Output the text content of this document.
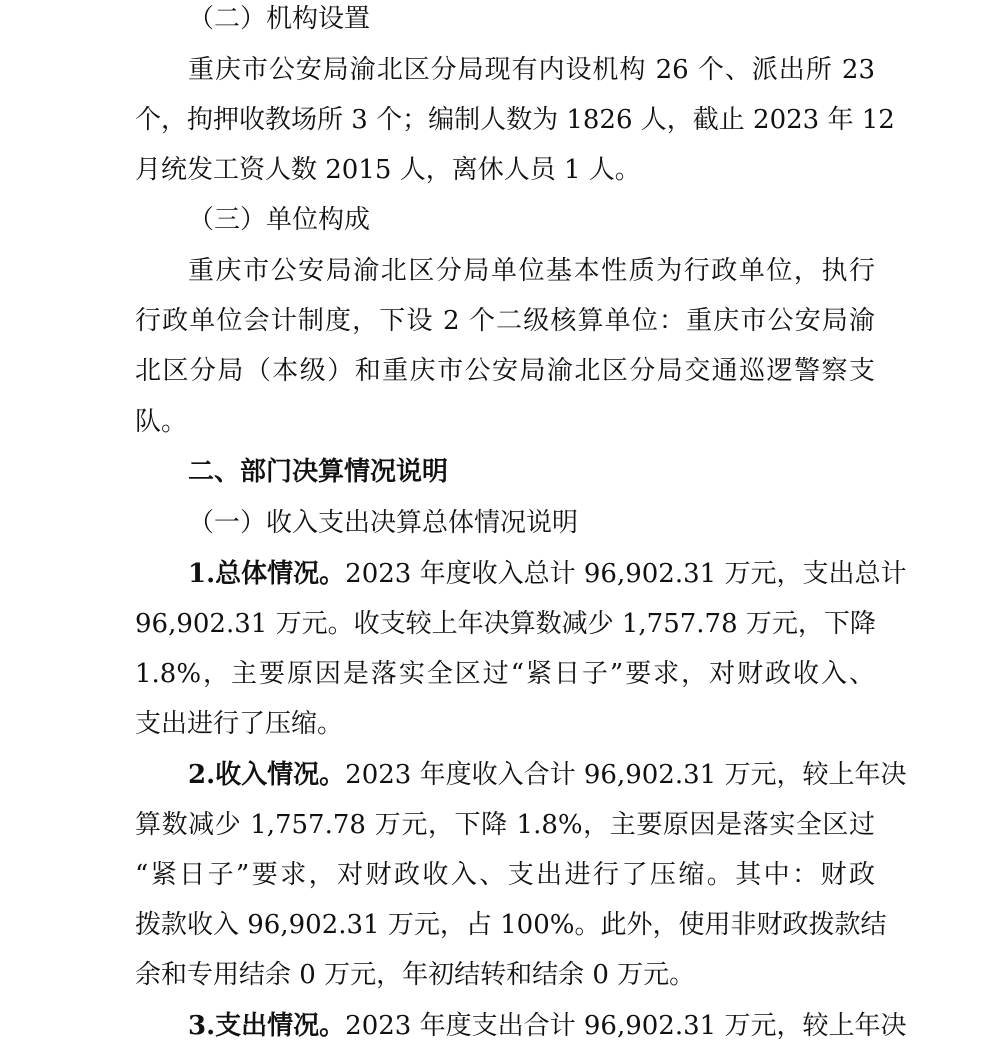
（二）机构设置
重庆市公安局渝北区分局现有内设机构 26 个、派出所 23
个，拘押收教场所 3 个；编制人数为 1826 人，截止 2023 年 12
月统发工资人数 2015 人，离休人员 1 人。
（三）单位构成
重庆市公安局渝北区分局单位基本性质为行政单位，执行
行政单位会计制度，下设 2 个二级核算单位：重庆市公安局渝
北区分局（本级）和重庆市公安局渝北区分局交通巡逻警察支
队。
二、部门决算情况说明
（一）收入支出决算总体情况说明
1.总体情况。2023 年度收入总计 96,902.31 万元，支出总计
96,902.31 万元。收支较上年决算数减少 1,757.78 万元，下降
1.8%，主要原因是落实全区过“紧日子”要求，对财政收入、
支出进行了压缩。
2.收入情况。2023 年度收入合计 96,902.31 万元，较上年决
算数减少 1,757.78 万元，下降 1.8%，主要原因是落实全区过
“紧日子”要求，对财政收入、支出进行了压缩。其中：财政
拨款收入 96,902.31 万元，占 100%。此外，使用非财政拨款结
余和专用结余 0 万元，年初结转和结余 0 万元。
3.支出情况。2023 年度支出合计 96,902.31 万元，较上年决
